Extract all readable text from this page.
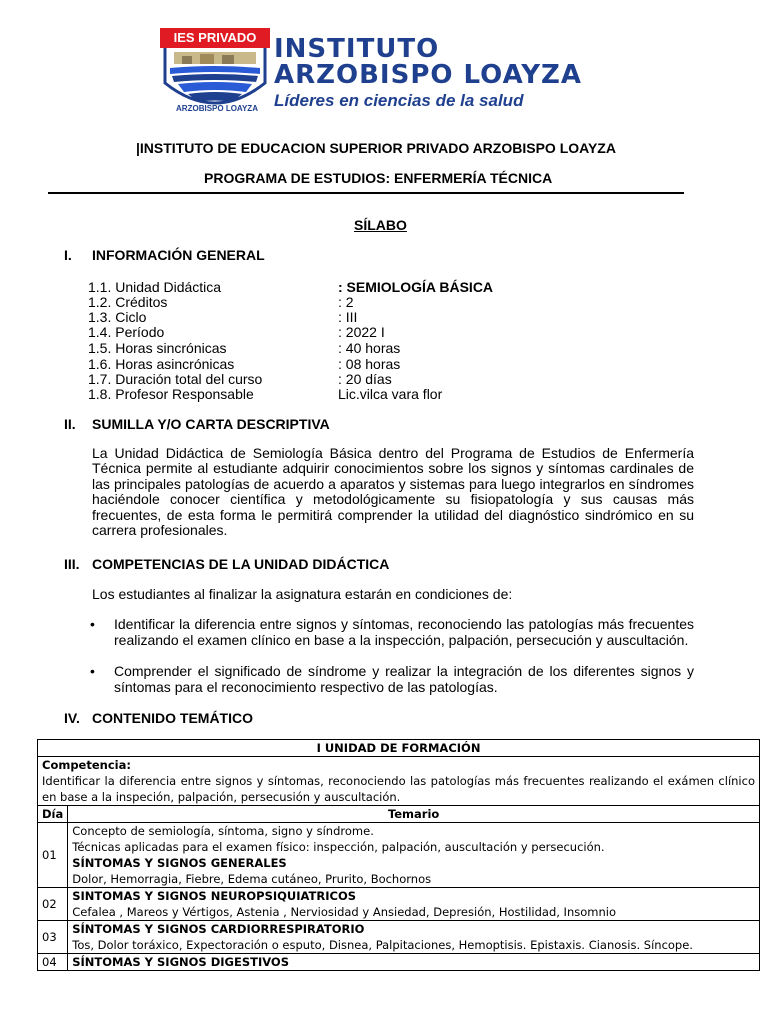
IES PRIVADO
ARZOBISPO LOAYZA
INSTITUTO
ARZOBISPO LOAYZA
Líderes en ciencias de la salud
|INSTITUTO DE EDUCACION SUPERIOR PRIVADO ARZOBISPO LOAYZA
PROGRAMA DE ESTUDIOS: ENFERMERÍA TÉCNICA
SÍLABO
I. INFORMACIÓN GENERAL
1.1. Unidad Didáctica	: SEMIOLOGÍA BÁSICA
1.2. Créditos	: 2
1.3. Ciclo	: III
1.4. Período	: 2022 I
1.5. Horas sincrónicas	: 40 horas
1.6. Horas asincrónicas	: 08 horas
1.7. Duración total del curso	: 20 días
1.8. Profesor Responsable	Lic.vilca vara flor
II. SUMILLA Y/O CARTA DESCRIPTIVA
La Unidad Didáctica de Semiología Básica dentro del Programa de Estudios de Enfermería Técnica permite al estudiante adquirir conocimientos sobre los signos y síntomas cardinales de las principales patologías de acuerdo a aparatos y sistemas para luego integrarlos en síndromes haciéndole conocer científica y metodológicamente su fisiopatología y sus causas más frecuentes, de esta forma le permitirá comprender la utilidad del diagnóstico sindrómico en su carrera profesionales.
III. COMPETENCIAS DE LA UNIDAD DIDÁCTICA
Los estudiantes al finalizar la asignatura estarán en condiciones de:
• Identificar la diferencia entre signos y síntomas, reconociendo las patologías más frecuentes realizando el examen clínico en base a la inspección, palpación, persecución y auscultación.
• Comprender el significado de síndrome y realizar la integración de los diferentes signos y síntomas para el reconocimiento respectivo de las patologías.
IV. CONTENIDO TEMÁTICO
I UNIDAD DE FORMACIÓN	

Competencia:
Identificar la diferencia entre signos y síntomas, reconociendo las patologías más frecuentes realizando el exámen clínico en base a la inspeción, palpación, persecusión y auscultación.	

Día	Temario
01	Concepto de semiología, síntoma, signo y síndrome.
Técnicas aplicadas para el examen físico: inspección, palpación, auscultación y persecución.
SÍNTOMAS Y SIGNOS GENERALES
Dolor, Hemorragia, Fiebre, Edema cutáneo, Prurito, Bochornos

02	SINTOMAS Y SIGNOS NEUROPSIQUIATRICOS
Cefalea , Mareos y Vértigos, Astenia , Nerviosidad y Ansiedad, Depresión, Hostilidad, Insomnio

03	SÍNTOMAS Y SIGNOS CARDIORRESPIRATORIO
Tos, Dolor toráxico, Expectoración o esputo, Disnea, Palpitaciones, Hemoptisis. Epistaxis. Cianosis. Síncope.

04	SÍNTOMAS Y SIGNOS DIGESTIVOS
